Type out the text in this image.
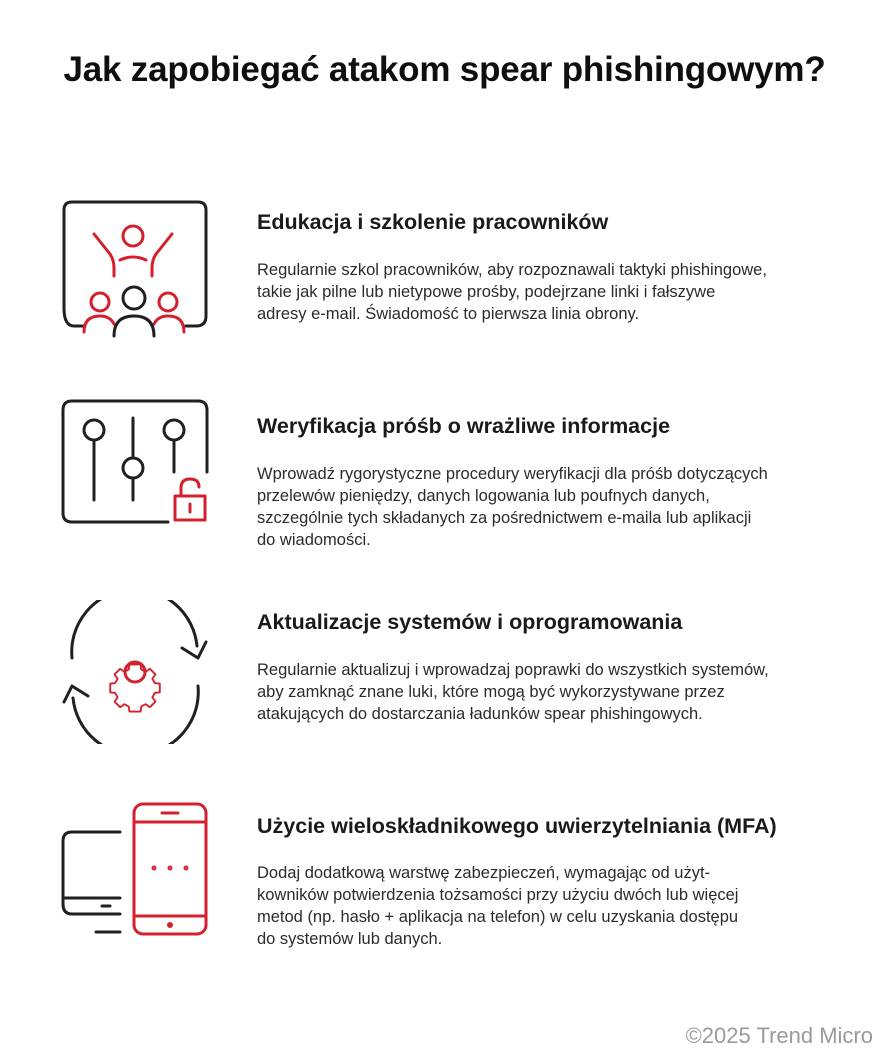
Jak zapobiegać atakom spear phishingowym?
Edukacja i szkolenie pracowników
Regularnie szkol pracowników, aby rozpoznawali taktyki phishingowe,
takie jak pilne lub nietypowe prośby, podejrzane linki i fałszywe
adresy e-mail. Świadomość to pierwsza linia obrony.
Weryfikacja próśb o wrażliwe informacje
Wprowadź rygorystyczne procedury weryfikacji dla próśb dotyczących
przelewów pieniędzy, danych logowania lub poufnych danych,
szczególnie tych składanych za pośrednictwem e-maila lub aplikacji
do wiadomości.
Aktualizacje systemów i oprogramowania
Regularnie aktualizuj i wprowadzaj poprawki do wszystkich systemów,
aby zamknąć znane luki, które mogą być wykorzystywane przez
atakujących do dostarczania ładunków spear phishingowych.
Użycie wieloskładnikowego uwierzytelniania (MFA)
Dodaj dodatkową warstwę zabezpieczeń, wymagając od użyt-
kowników potwierdzenia tożsamości przy użyciu dwóch lub więcej
metod (np. hasło + aplikacja na telefon) w celu uzyskania dostępu
do systemów lub danych.
©2025 Trend Micro
